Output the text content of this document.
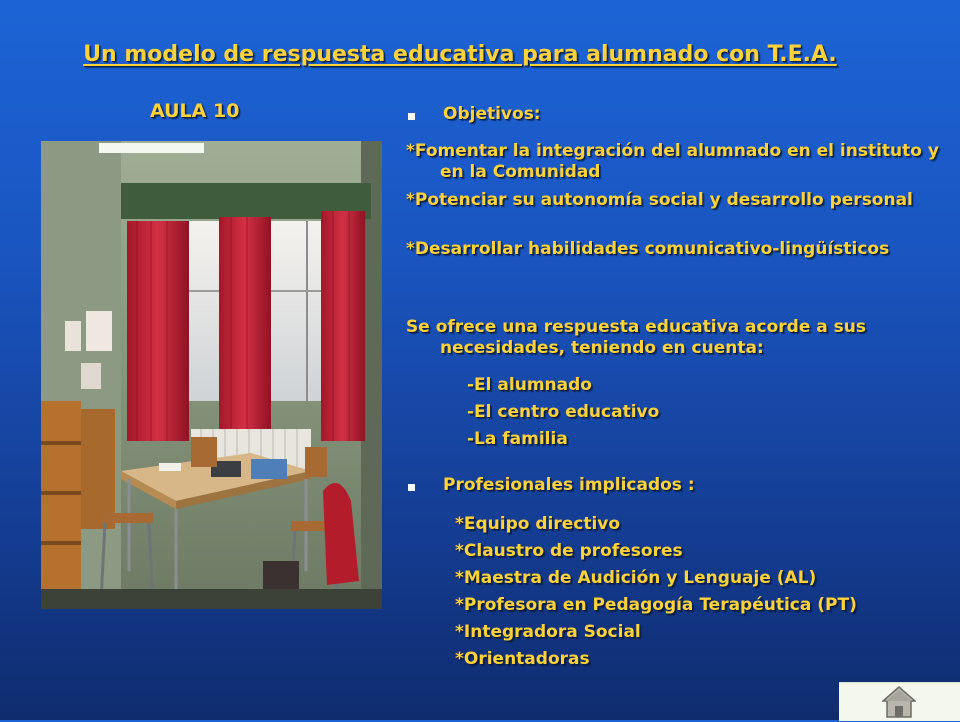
Un modelo de respuesta educativa para alumnado con T.E.A.
AULA 10	Objetivos:
*Fomentar la integración del alumnado en el instituto y en la Comunidad
*Potenciar su autonomía social y desarrollo personal
*Desarrollar habilidades comunicativo-lingüísticos
Se ofrece una respuesta educativa acorde a sus necesidades, teniendo en cuenta:
-El alumnado
-El centro educativo
-La familia
Profesionales implicados :
*Equipo directivo
*Claustro de profesores
*Maestra de Audición y Lenguaje (AL)
*Profesora en Pedagogía Terapéutica (PT)
*Integradora Social
*Orientadoras
